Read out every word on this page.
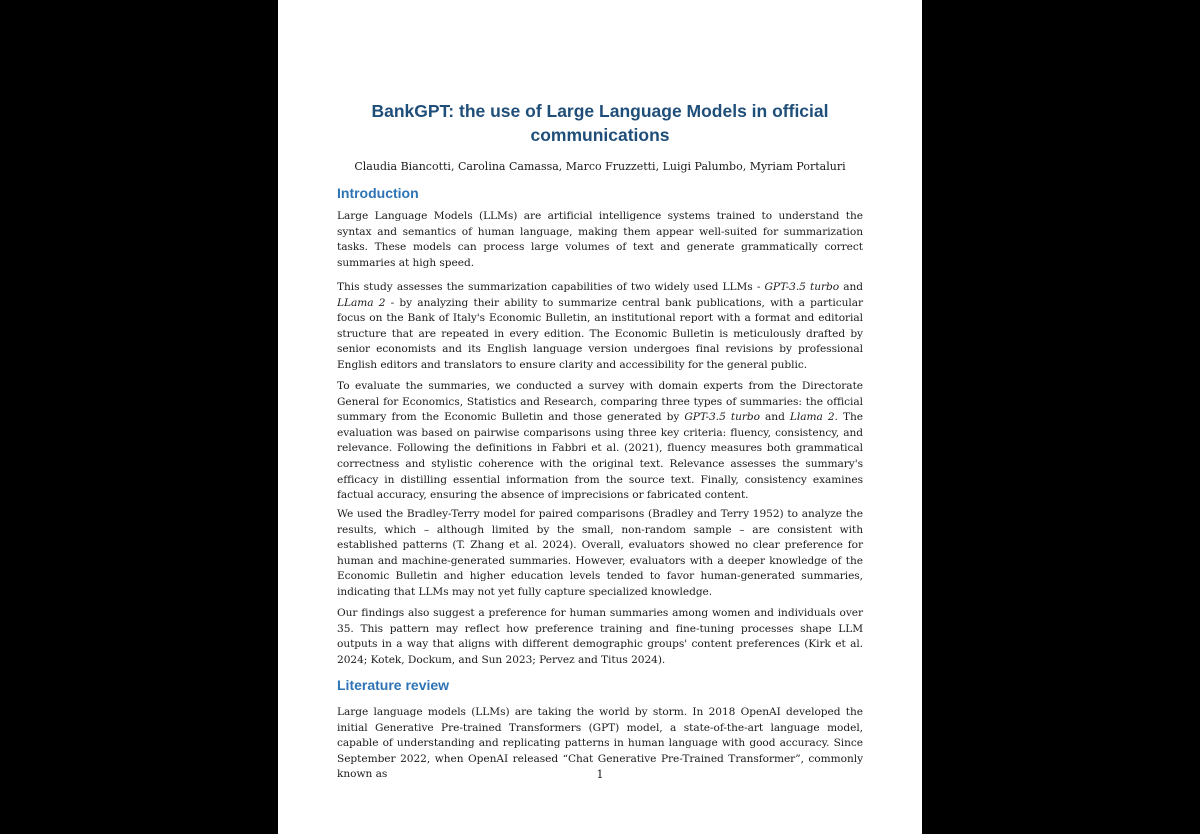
BankGPT: the use of Large Language Models in official communications
Claudia Biancotti, Carolina Camassa, Marco Fruzzetti, Luigi Palumbo, Myriam Portaluri
Introduction

Large Language Models (LLMs) are artificial intelligence systems trained to understand the syntax and semantics of human language, making them appear well-suited for summarization tasks. These models can process large volumes of text and generate grammatically correct summaries at high speed.

This study assesses the summarization capabilities of two widely used LLMs - GPT-3.5 turbo and LLama 2 - by analyzing their ability to summarize central bank publications, with a particular focus on the Bank of Italy's Economic Bulletin, an institutional report with a format and editorial structure that are repeated in every edition. The Economic Bulletin is meticulously drafted by senior economists and its English language version undergoes final revisions by professional English editors and translators to ensure clarity and accessibility for the general public.

To evaluate the summaries, we conducted a survey with domain experts from the Directorate General for Economics, Statistics and Research, comparing three types of summaries: the official summary from the Economic Bulletin and those generated by GPT-3.5 turbo and Llama 2. The evaluation was based on pairwise comparisons using three key criteria: fluency, consistency, and relevance. Following the definitions in Fabbri et al. (2021), fluency measures both grammatical correctness and stylistic coherence with the original text. Relevance assesses the summary's efficacy in distilling essential information from the source text. Finally, consistency examines factual accuracy, ensuring the absence of imprecisions or fabricated content.

We used the Bradley-Terry model for paired comparisons (Bradley and Terry 1952) to analyze the results, which – although limited by the small, non-random sample – are consistent with established patterns (T. Zhang et al. 2024). Overall, evaluators showed no clear preference for human and machine-generated summaries. However, evaluators with a deeper knowledge of the Economic Bulletin and higher education levels tended to favor human-generated summaries, indicating that LLMs may not yet fully capture specialized knowledge.

Our findings also suggest a preference for human summaries among women and individuals over 35. This pattern may reflect how preference training and fine-tuning processes shape LLM outputs in a way that aligns with different demographic groups' content preferences (Kirk et al. 2024; Kotek, Dockum, and Sun 2023; Pervez and Titus 2024).

Literature review

Large language models (LLMs) are taking the world by storm. In 2018 OpenAI developed the initial Generative Pre-trained Transformers (GPT) model, a state-of-the-art language model, capable of understanding and replicating patterns in human language with good accuracy. Since September 2022, when OpenAI released “Chat Generative Pre-Trained Transformer”, commonly known as	1
